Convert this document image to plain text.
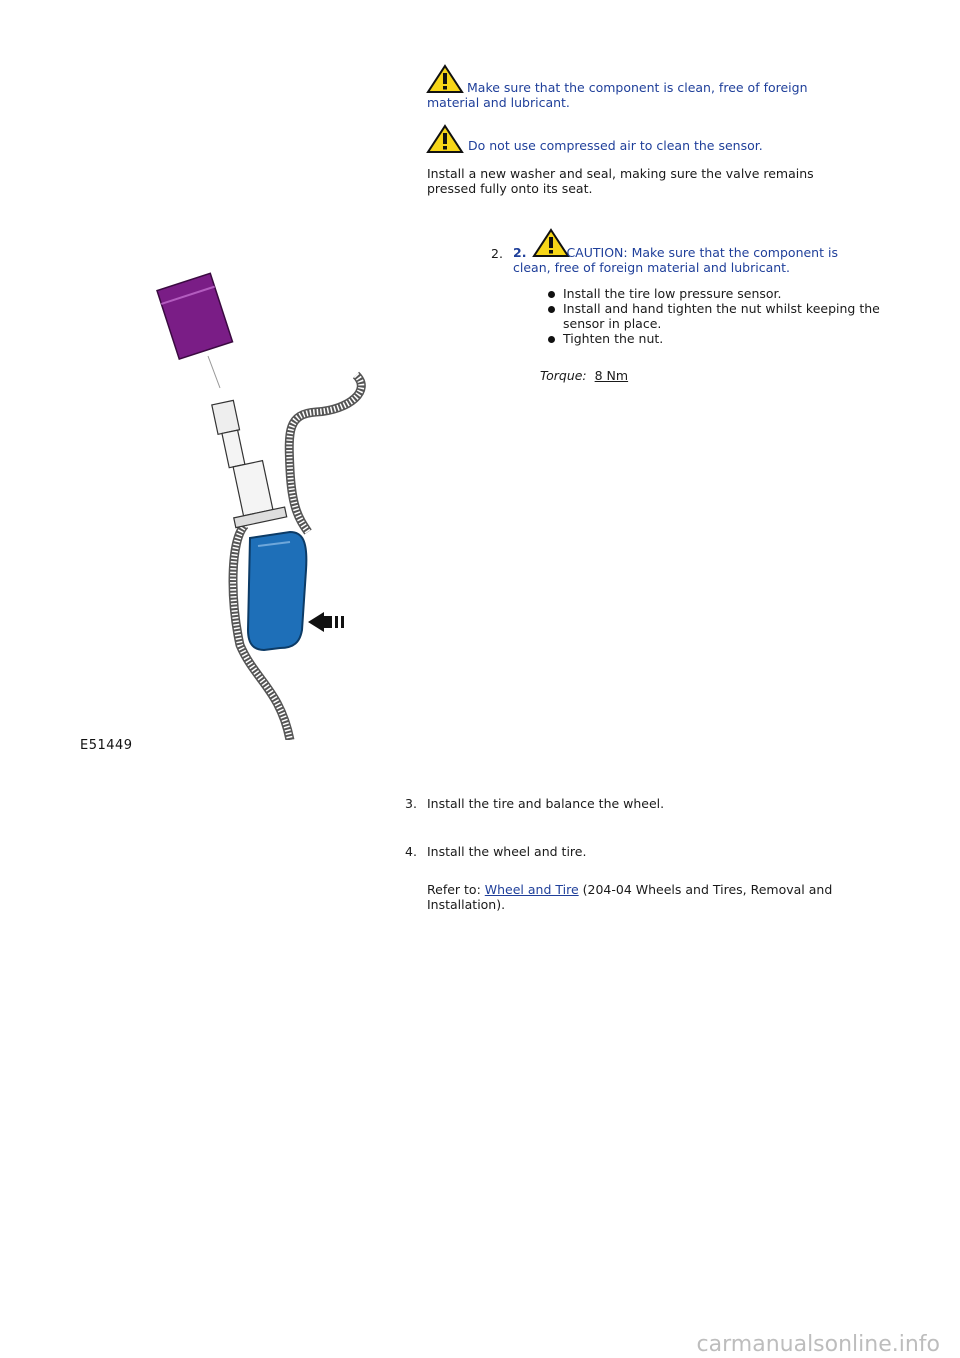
Make sure that the component is clean, free of foreign material and lubricant.
Do not use compressed air to clean the sensor.
Install a new washer and seal, making sure the valve remains pressed fully onto its seat.
2. 2.	CAUTION: Make sure that the component is clean, free of foreign material and lubricant.
Install the tire low pressure sensor.
Install and hand tighten the nut whilst keeping the sensor in place.
Tighten the nut.
Torque: 8 Nm
E51449
3. Install the tire and balance the wheel.
4. Install the wheel and tire.
Refer to: Wheel and Tire (204-04 Wheels and Tires, Removal and Installation).
carmanualsonline.info
